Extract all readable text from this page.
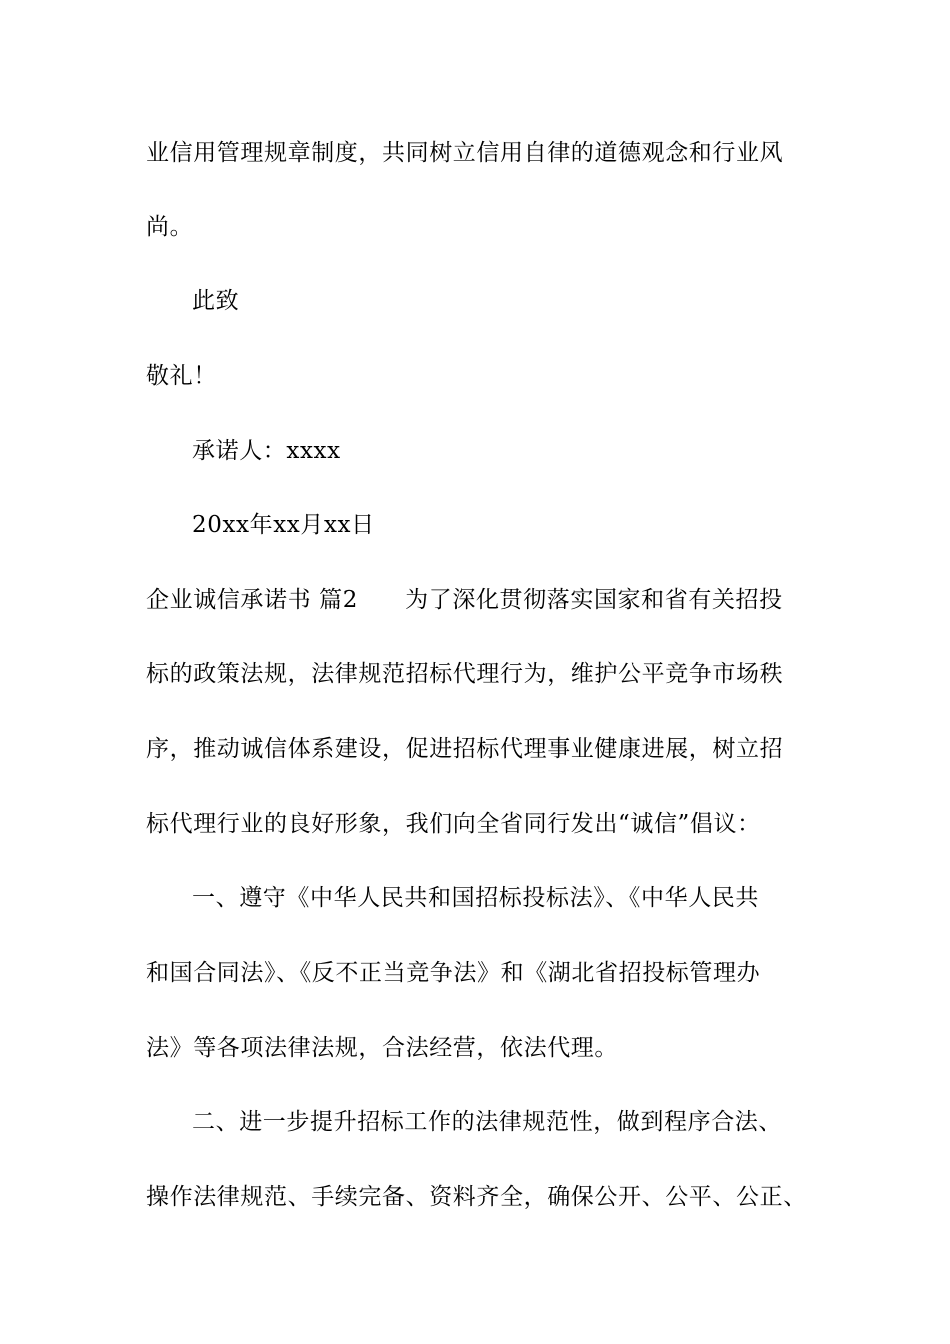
业信用管理规章制度，共同树立信用自律的道德观念和行业风
尚。
此致
敬礼！
承诺人：xxxx
20xx年xx月xx日
企业诚信承诺书 篇2　　为了深化贯彻落实国家和省有关招投
标的政策法规，法律规范招标代理行为，维护公平竞争市场秩
序，推动诚信体系建设，促进招标代理事业健康进展，树立招
标代理行业的良好形象，我们向全省同行发出“诚信”倡议：
一、遵守《中华人民共和国招标投标法》、《中华人民共
和国合同法》、《反不正当竞争法》和《湖北省招投标管理办
法》等各项法律法规，合法经营，依法代理。
二、进一步提升招标工作的法律规范性，做到程序合法、
操作法律规范、手续完备、资料齐全，确保公开、公平、公正、
